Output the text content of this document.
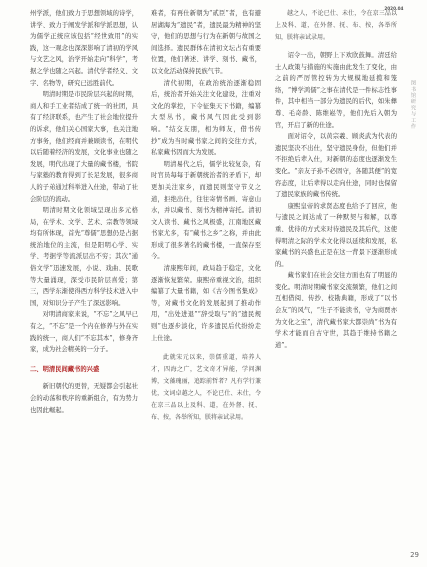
2020.04

州学派，他们致力于思想领域的诗学，讲学、致力于阐发学派和学派思想，认为儒学正统应该包括“经世致用”的实践，这一观念也深深影响了清初的学风与文艺之风，治学开始走向“科学”，考据之学也随之兴起。清代学者经义、文字、名物等，研究已远胜前代。

明清时期是市民阶层兴起的时期，商人和手工业者结成了统一的社团，具有了经济联系，也产生了社会地位提升的诉求，他们关心国家大事，也关注地方事务，他们经商并兼顾读书，在明代以后随着经济的发展，文化事业也随之发展，明代出现了大量的藏书楼，书院与家塾的教育得到了长足发展，很多商人的子弟通过科举进入仕途，带动了社会阶层的流动。

明清时期文化领域呈现出多元格局，在学术、文学、艺术、宗教等领域均有所体现，首先“尊儒”思想仍是占据统治地位的主流，但是阳明心学、实学、考据学等流派层出不穷；其次“通俗文学”迅速发展，小说、戏曲、民歌等大量涌现，深受市民阶层喜爱；第三，西学东渐使得西方科学技术进入中国，对知识分子产生了深远影响。

对明清商家来说，“不忘”之风早已有之，“不忘”是一个内在修养与外在实践的统一，商人们“不忘其本”，修身齐家，成为社会精英的一分子。

二、明清民间藏书的兴盛

新旧朝代的更替，无疑都会引起社会的动荡和秩序的重新组合，有为势力也因此崛起。

难者，有再仕新朝为“贰臣”者，也有避居湖海为“遗民”者，遗民最为精神的坚守，他们的思想与行为在新朝与故国之间选择。遗民群体在清初文坛占有重要位置，他们著述、讲学、刻书、藏书，以文化活动保持民族气节。

清代初期，在政治统治逐渐稳固后，统治者开始关注文化建设，注重对文化的掌控，下令征集天下书籍，编纂大型丛书，藏书风气因此受到影响。“结交友朋，相为师友，借书传抄”成为当时藏书家之间的交往方式，私家藏书因而大为发展。

明清易代之后，儒学比较复杂，有时官员每每于新朝统治者的矛盾下，却更加关注家乡，而遗民则坚守节义之道，拒绝出仕，往往寄情书画、寄意山水，并以藏书、刻书为精神寄托。清初文人读书、藏书之风极盛，江南地区藏书家尤多，有“藏书之乡”之称，并由此形成了很多著名的藏书楼，一直保存至今。

清康熙年间，政局趋于稳定，文化逐渐恢复繁荣。康熙帝重视文治，组织编纂了大量书籍，如《古今图书集成》等，对藏书文化的发展起到了推动作用，“出处进退”“辞受取与”的“遗民规则”也逐步淡化，许多遗民后代纷纷走上仕途。

此就宋元以来，崇儒重道，培养人才，四海之广，艺文奇才异能，学问渊博，文藻瑰丽，追踪前哲者？凡有学行兼优，文词卓越之人，不论已仕、未仕，令在京三品以上及科、道，在外督、抚、布、按，各举所知，朕将亲试录用。
越之人，不论已仕、未仕，令在京三品以上及科、道，在外督、抚、布、按，各举所知，朕将亲试录用。

诏令一出，朝野上下欢欣鼓舞。清廷给士人政策与措施的实施由此发生了变化，由之前的严厉管控转为大规模地延揽和笼络，“博学鸿儒”之事在清代是一件标志性事件，其中相当一部分为遗民的后代，如朱彝尊、毛奇龄、陈维崧等，他们先后入朝为官，开启了新的仕途。

面对诏令，以黄宗羲、顾炎武为代表的遗民坚决不出仕，坚守遗民身份，但他们并不拒绝后辈入仕，对新朝的态度也逐渐发生变化。“亲友子孙不必固守，各随其便”的宽容态度，让后辈得以走向仕途，同时也保留了遗民家族的藏书传统。

康熙皇帝的求贤态度也给予了回应，他与遗民之间达成了一种默契与和解，以尊重、优待的方式来对待遗民及其后代，这使得明清之际的学术文化得以延续和发展，私家藏书的兴盛也正是在这一背景下逐渐形成的。

藏书家们在社会交往方面也有了明显的变化。明清时期藏书家交流频繁，他们之间互相借阅、传抄、校勘典籍，形成了“以书会友”的风气，“生子不能读书，守为商贾亦为文化之宝”，清代藏书家大都崇尚“书为有学术才能而自古守世，其趋于维持书籍之道”。

图书馆研究与工作
29
